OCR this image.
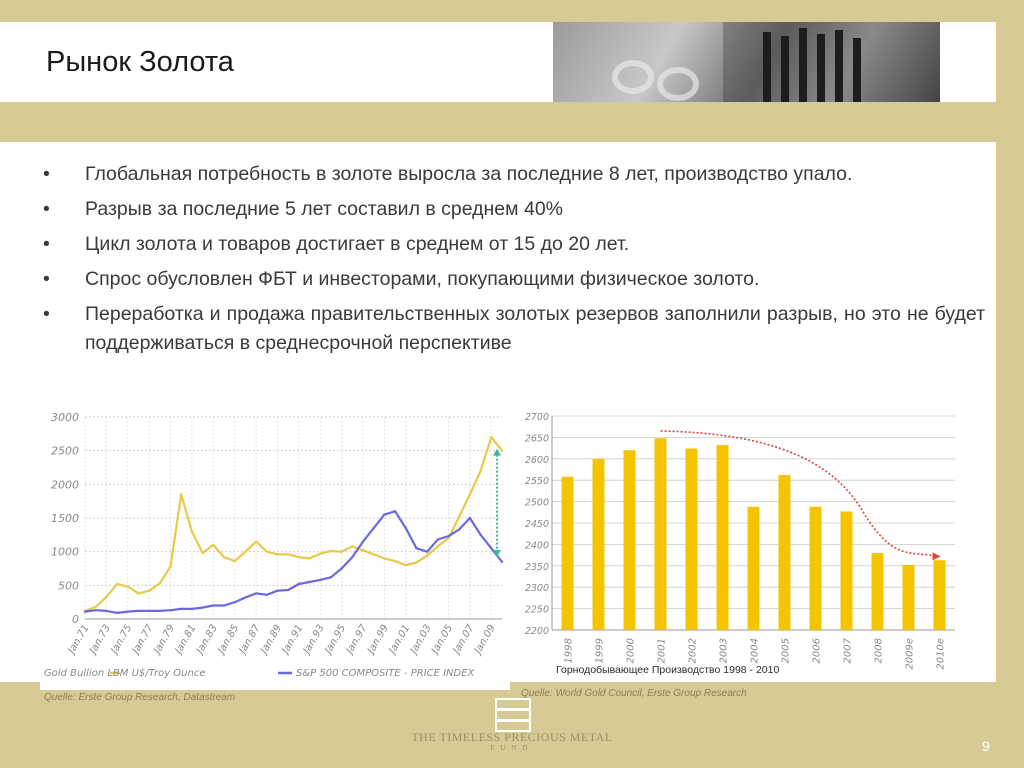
Рынок Золота
• Глобальная потребность в золоте выросла за последние 8 лет, производство упало.
• Разрыв за последние 5 лет составил в среднем 40%
• Цикл золота и товаров достигает в среднем от 15 до 20 лет.
• Спрос обусловлен ФБТ и инвесторами, покупающими физическое золото.
• Переработка и продажа правительственных золотых резервов заполнили разрыв, но это не будет поддерживаться в среднесрочной перспективе
0
500
1000
1500
2000
2500
3000
Jan.71
Jan.73
Jan.75
Jan.77
Jan.79
Jan.81
Jan.83
Jan.85
Jan.87
Jan.89
Jan.91
Jan.93
Jan.95
Jan.97
Jan.99
Jan.01
Jan.03
Jan.05
Jan.07
Jan.09
Gold Bullion LBM U$/Troy Ounce	S&P 500 COMPOSITE - PRICE INDEX
2200
2250
2300
2350
2400
2450
2500
2550
2600
2650
2700
1998 1999 2000 2001 2002 2003 2004 2005 2006 2007 2008 2009e 2010e
Горнодобывающее Производство 1998 - 2010
Quelle: Erste Group Research, Datastream	Quelle: World Gold Council, Erste Group Research
THE TIMELESS PRECIOUS METAL
FUND	9
